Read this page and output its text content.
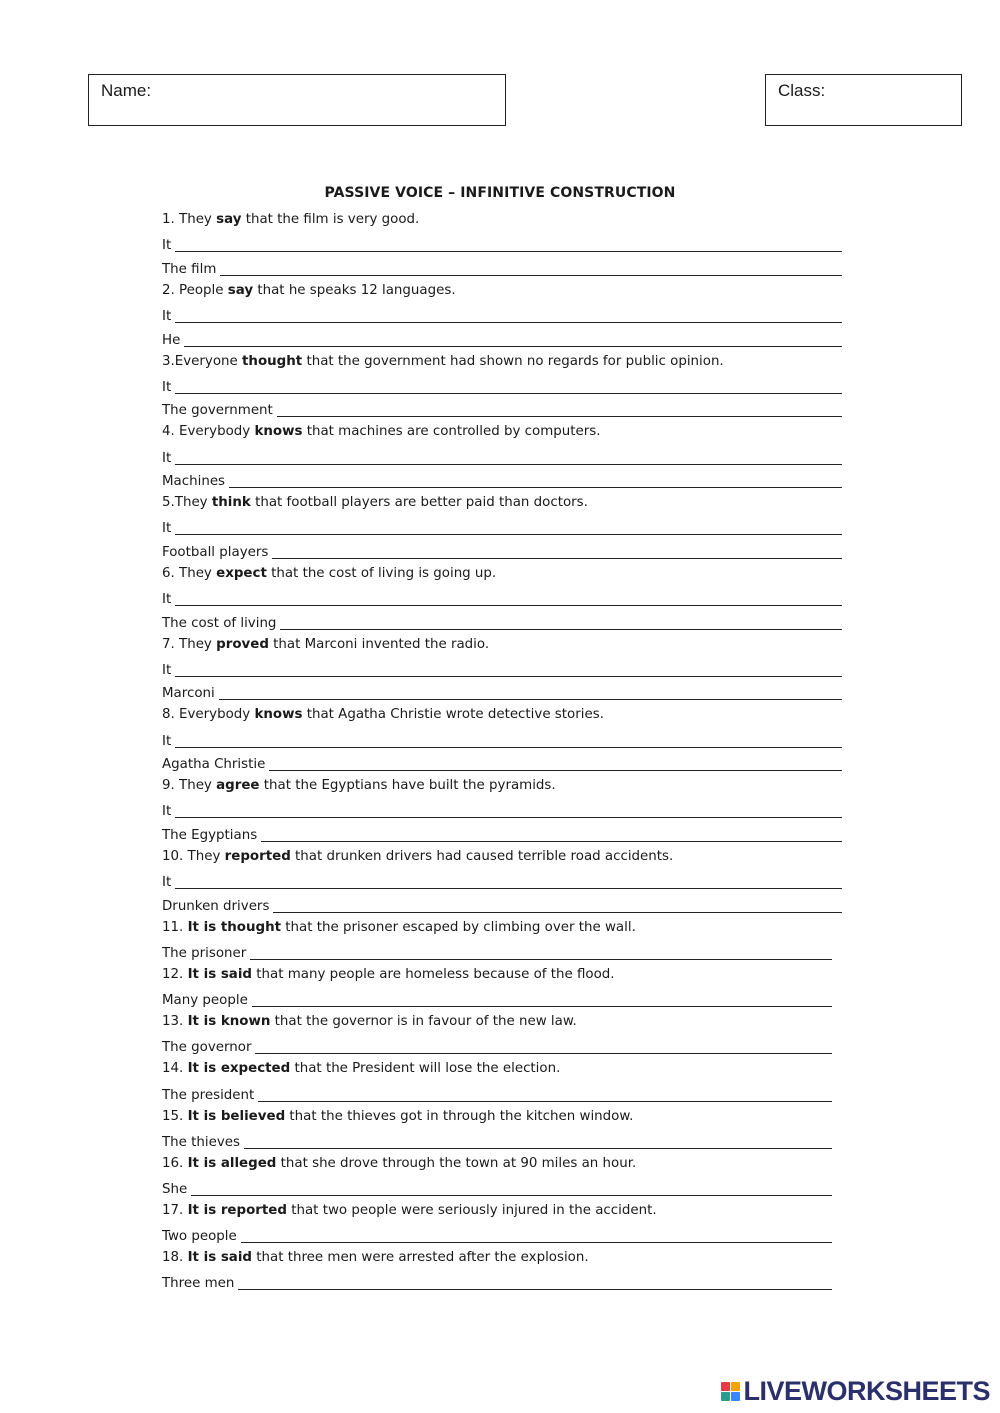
Name:	Class:
PASSIVE VOICE – INFINITIVE CONSTRUCTION
1. They say that the film is very good.
It
The film
2. People say that he speaks 12 languages.
It
He
3.Everyone thought that the government had shown no regards for public opinion.
It
The government
4. Everybody knows that machines are controlled by computers.
It
Machines
5.They think that football players are better paid than doctors.
It
Football players
6. They expect that the cost of living is going up.
It
The cost of living
7. They proved that Marconi invented the radio.
It
Marconi
8. Everybody knows that Agatha Christie wrote detective stories.
It
Agatha Christie
9. They agree that the Egyptians have built the pyramids.
It
The Egyptians
10. They reported that drunken drivers had caused terrible road accidents.
It
Drunken drivers
11. It is thought that the prisoner escaped by climbing over the wall.
The prisoner
12. It is said that many people are homeless because of the flood.
Many people
13. It is known that the governor is in favour of the new law.
The governor
14. It is expected that the President will lose the election.
The president
15. It is believed that the thieves got in through the kitchen window.
The thieves
16. It is alleged that she drove through the town at 90 miles an hour.
She
17. It is reported that two people were seriously injured in the accident.
Two people
18. It is said that three men were arrested after the explosion.
Three men
LIVEWORKSHEETS
